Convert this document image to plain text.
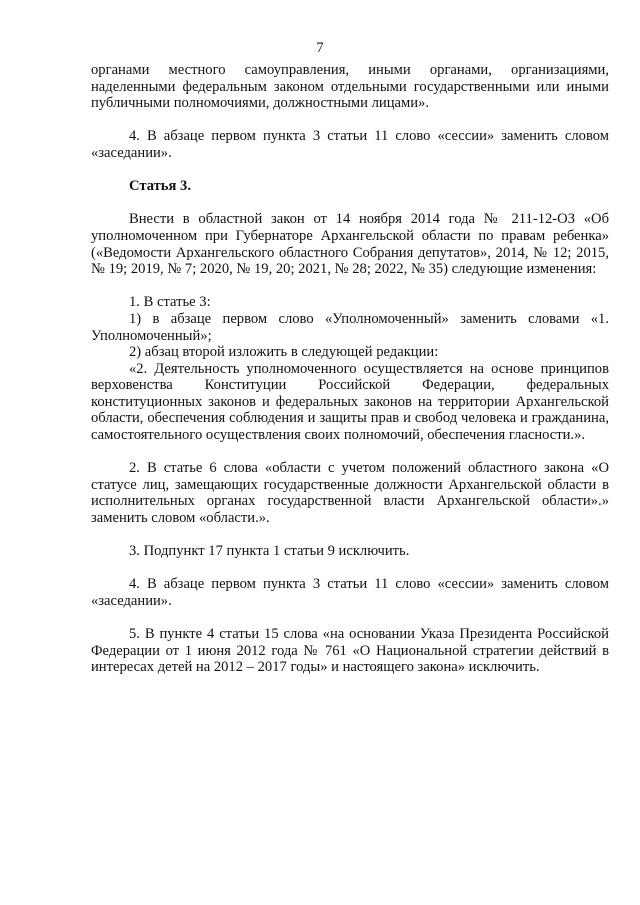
7

органами местного самоуправления, иными органами, организациями, наделенными федеральным законом отдельными государственными или иными публичными полномочиями, должностными лицами».

4. В абзаце первом пункта 3 статьи 11 слово «сессии» заменить словом «заседании».

Статья 3.

Внести в областной закон от 14 ноября 2014 года № 211-12-ОЗ «Об уполномоченном при Губернаторе Архангельской области по правам ребенка» («Ведомости Архангельского областного Собрания депутатов», 2014, № 12; 2015, № 19; 2019, № 7; 2020, № 19, 20; 2021, № 28; 2022, № 35) следующие изменения:

1. В статье 3:

1) в абзаце первом слово «Уполномоченный» заменить словами «1. Уполномоченный»;

2) абзац второй изложить в следующей редакции:

«2. Деятельность уполномоченного осуществляется на основе принципов верховенства Конституции Российской Федерации, федеральных конституционных законов и федеральных законов на территории Архангельской области, обеспечения соблюдения и защиты прав и свобод человека и гражданина, самостоятельного осуществления своих полномочий, обеспечения гласности.».

2. В статье 6 слова «области с учетом положений областного закона «О статусе лиц, замещающих государственные должности Архангельской области в исполнительных органах государственной власти Архангельской области».» заменить словом «области.».

3. Подпункт 17 пункта 1 статьи 9 исключить.

4. В абзаце первом пункта 3 статьи 11 слово «сессии» заменить словом «заседании».

5. В пункте 4 статьи 15 слова «на основании Указа Президента Российской Федерации от 1 июня 2012 года № 761 «О Национальной стратегии действий в интересах детей на 2012 – 2017 годы» и настоящего закона» исключить.
